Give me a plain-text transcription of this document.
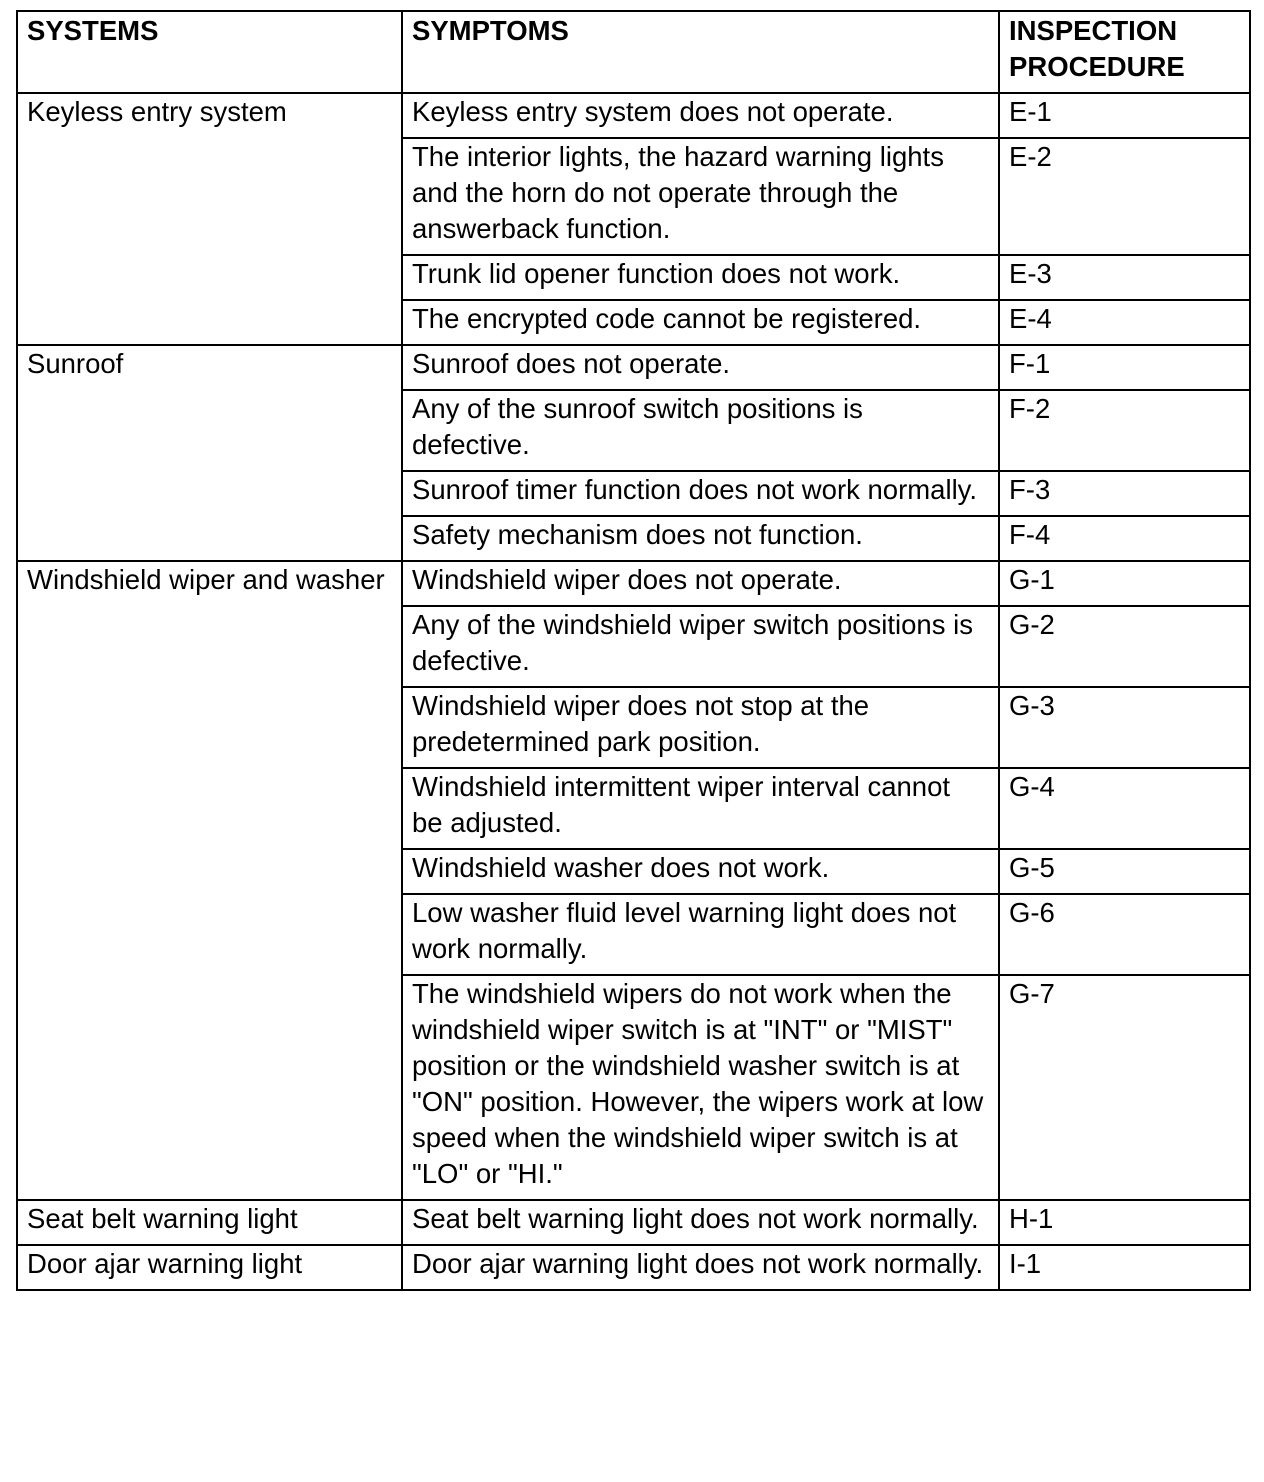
SYSTEMS	SYMPTOMS	INSPECTION PROCEDURE
Keyless entry system	Keyless entry system does not operate.	E-1
	The interior lights, the hazard warning lights and the horn do not operate through the answerback function.	E-2
	Trunk lid opener function does not work.	E-3
	The encrypted code cannot be registered.	E-4
Sunroof	Sunroof does not operate.	F-1
	Any of the sunroof switch positions is defective.	F-2
	Sunroof timer function does not work normally.	F-3
	Safety mechanism does not function.	F-4
Windshield wiper and washer	Windshield wiper does not operate.	G-1
	Any of the windshield wiper switch positions is defective.	G-2
	Windshield wiper does not stop at the predetermined park position.	G-3
	Windshield intermittent wiper interval cannot be adjusted.	G-4
	Windshield washer does not work.	G-5
	Low washer fluid level warning light does not work normally.	G-6
	The windshield wipers do not work when the windshield wiper switch is at "INT" or "MIST" position or the windshield washer switch is at "ON" position. However, the wipers work at low speed when the windshield wiper switch is at "LO" or "HI."	G-7
Seat belt warning light	Seat belt warning light does not work normally.	H-1
Door ajar warning light	Door ajar warning light does not work normally.	I-1
